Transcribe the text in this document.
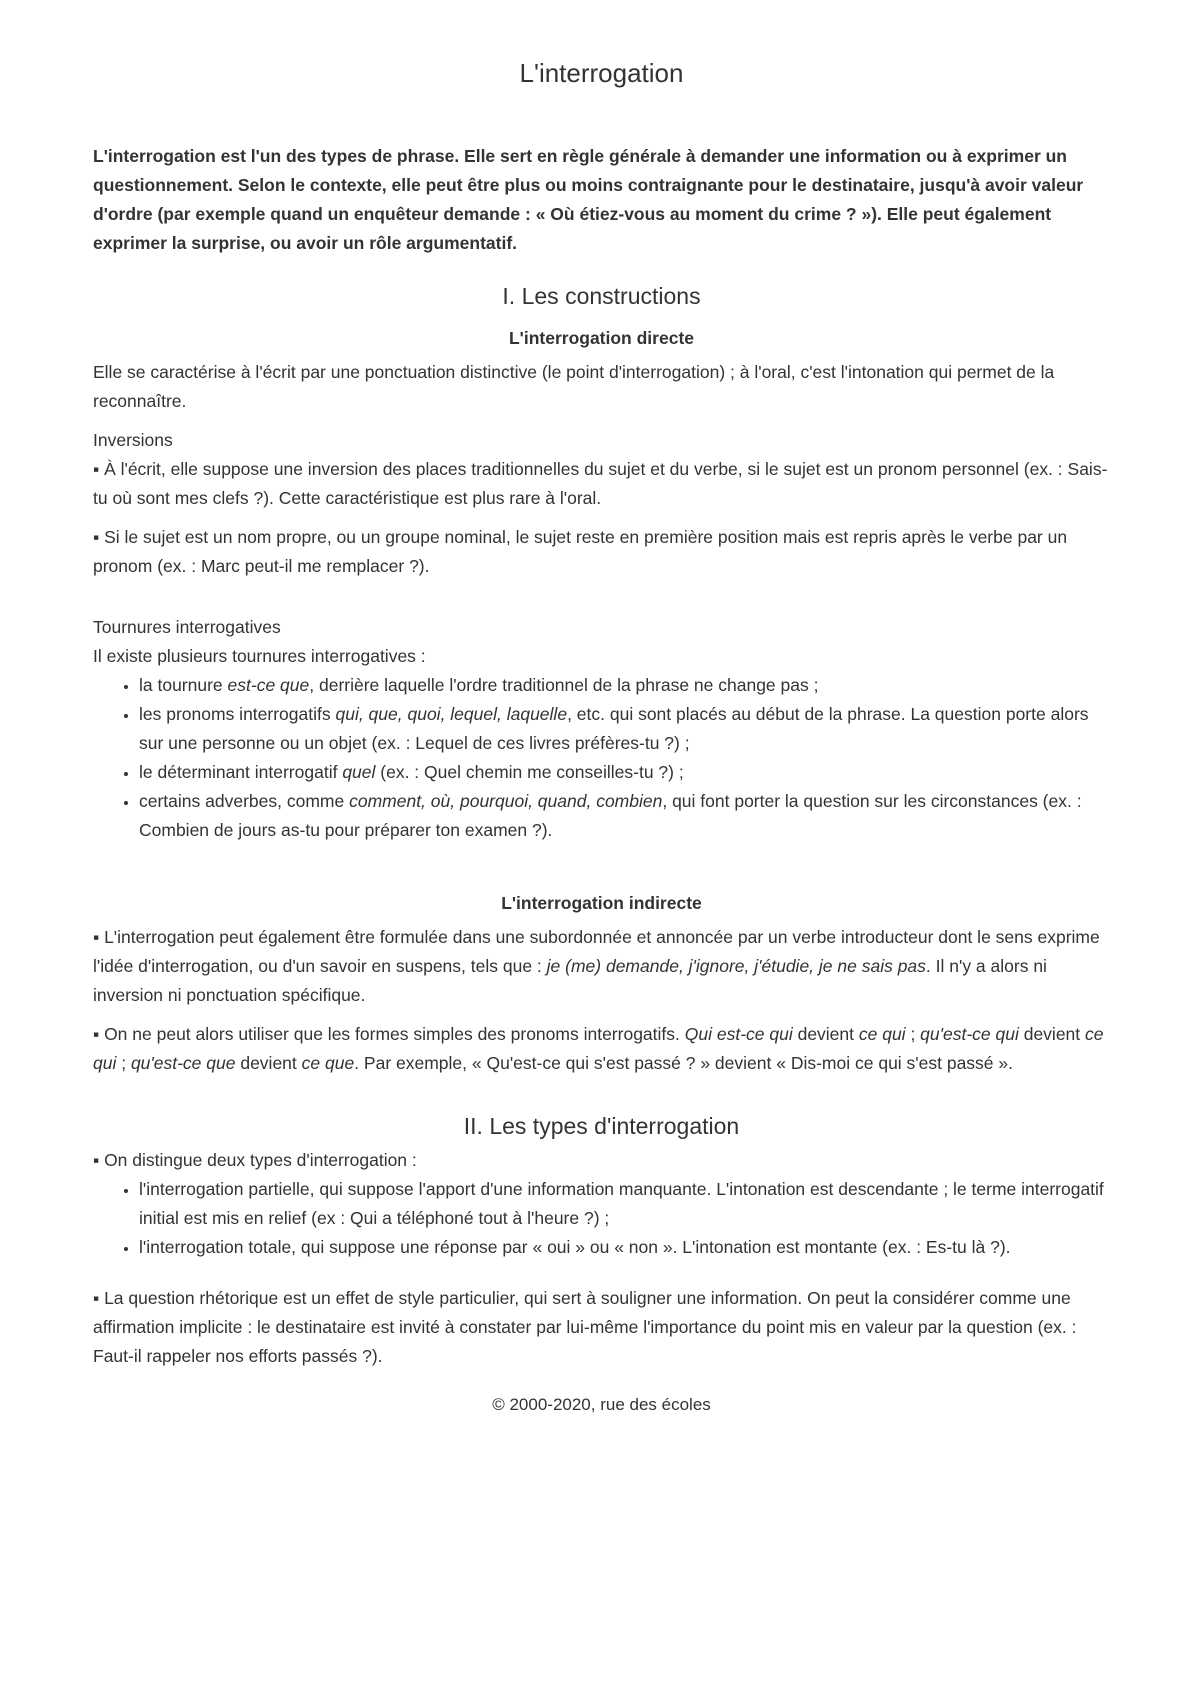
L'interrogation

L'interrogation est l'un des types de phrase. Elle sert en règle générale à demander une information ou à exprimer un questionnement. Selon le contexte, elle peut être plus ou moins contraignante pour le destinataire, jusqu'à avoir valeur d'ordre (par exemple quand un enquêteur demande : « Où étiez-vous au moment du crime ? »). Elle peut également exprimer la surprise, ou avoir un rôle argumentatif.

I. Les constructions
L'interrogation directe

Elle se caractérise à l'écrit par une ponctuation distinctive (le point d'interrogation) ; à l'oral, c'est l'intonation qui permet de la reconnaître.

Inversions

▪ À l'écrit, elle suppose une inversion des places traditionnelles du sujet et du verbe, si le sujet est un pronom personnel (ex. : Sais-tu où sont mes clefs ?). Cette caractéristique est plus rare à l'oral.

▪ Si le sujet est un nom propre, ou un groupe nominal, le sujet reste en première position mais est repris après le verbe par un pronom (ex. : Marc peut-il me remplacer ?).

Tournures interrogatives

Il existe plusieurs tournures interrogatives :

• la tournure est-ce que, derrière laquelle l'ordre traditionnel de la phrase ne change pas ;
• les pronoms interrogatifs qui, que, quoi, lequel, laquelle, etc. qui sont placés au début de la phrase. La question porte alors sur une personne ou un objet (ex. : Lequel de ces livres préfères-tu ?) ;
• le déterminant interrogatif quel (ex. : Quel chemin me conseilles-tu ?) ;
• certains adverbes, comme comment, où, pourquoi, quand, combien, qui font porter la question sur les circonstances (ex. : Combien de jours as-tu pour préparer ton examen ?).
L'interrogation indirecte

▪ L'interrogation peut également être formulée dans une subordonnée et annoncée par un verbe introducteur dont le sens exprime l'idée d'interrogation, ou d'un savoir en suspens, tels que : je (me) demande, j'ignore, j'étudie, je ne sais pas. Il n'y a alors ni inversion ni ponctuation spécifique.

▪ On ne peut alors utiliser que les formes simples des pronoms interrogatifs. Qui est-ce qui devient ce qui ; qu'est-ce qui devient ce qui ; qu'est-ce que devient ce que. Par exemple, « Qu'est-ce qui s'est passé ? » devient « Dis-moi ce qui s'est passé ».

II. Les types d'interrogation

▪ On distingue deux types d'interrogation :

• l'interrogation partielle, qui suppose l'apport d'une information manquante. L'intonation est descendante ; le terme interrogatif initial est mis en relief (ex : Qui a téléphoné tout à l'heure ?) ;
• l'interrogation totale, qui suppose une réponse par « oui » ou « non ». L'intonation est montante (ex. : Es-tu là ?).

▪ La question rhétorique est un effet de style particulier, qui sert à souligner une information. On peut la considérer comme une affirmation implicite : le destinataire est invité à constater par lui-même l'importance du point mis en valeur par la question (ex. : Faut-il rappeler nos efforts passés ?).

© 2000-2020, rue des écoles
